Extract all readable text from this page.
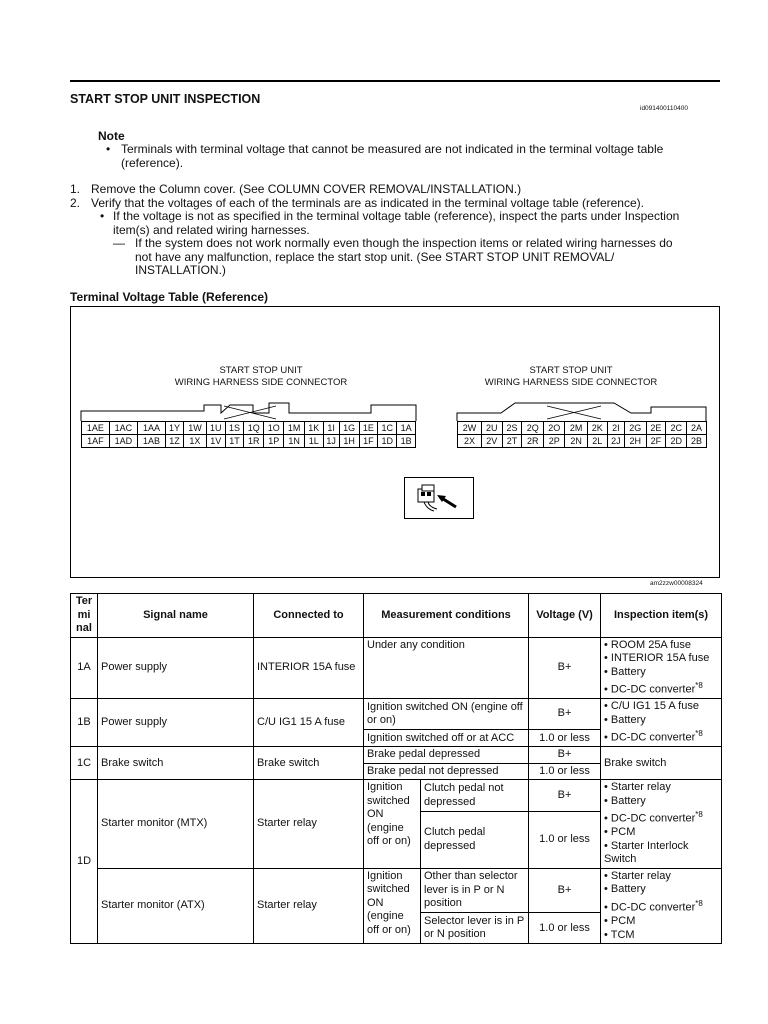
START STOP UNIT INSPECTION
id091400110400
Note
• Terminals with terminal voltage that cannot be measured are not indicated in the terminal voltage table
(reference).
1. Remove the Column cover. (See COLUMN COVER REMOVAL/INSTALLATION.)
2. Verify that the voltages of each of the terminals are as indicated in the terminal voltage table (reference).
• If the voltage is not as specified in the terminal voltage table (reference), inspect the parts under Inspection
item(s) and related wiring harnesses.
— If the system does not work normally even though the inspection items or related wiring harnesses do
not have any malfunction, replace the start stop unit. (See START STOP UNIT REMOVAL/
INSTALLATION.)
Terminal Voltage Table (Reference)
START STOP UNIT
WIRING HARNESS SIDE CONNECTOR
START STOP UNIT
WIRING HARNESS SIDE CONNECTOR
1AE	1AC	1AA	1Y	1W	1U	1S	1Q	1O	1M	1K	1I	1G	1E	1C	1A
1AF	1AD	1AB	1Z	1X	1V	1T	1R	1P	1N	1L	1J	1H	1F	1D	1B
2W	2U	2S	2Q	2O	2M	2K	2I	2G	2E	2C	2A
2X	2V	2T	2R	2P	2N	2L	2J	2H	2F	2D	2B
am2zzw00008324
Ter mi nal	Signal name	Connected to	Measurement conditions		Voltage (V)	Inspection item(s)
1A	Power supply	INTERIOR 15A fuse	Under any condition		B+	• ROOM 25A fuse
• INTERIOR 15A fuse
• Battery
• DC-DC converter$^{*8}$

1B	Power supply	C/U IG1 15 A fuse	Ignition switched ON (engine off or on)		B+	• C/U IG1 15 A fuse
• Battery
• DC-DC converter$^{*8}$

			Ignition switched off or at ACC		1.0 or less	
1C	Brake switch	Brake switch	Brake pedal depressed		B+	Brake switch
			Brake pedal not depressed		1.0 or less	
1D	Starter monitor (MTX)	Starter relay	Ignition switched ON (engine off or on)	Clutch pedal not depressed	B+	• Starter relay
• Battery
• DC-DC converter$^{*8}$
• PCM
• Starter Interlock Switch

				Clutch pedal depressed	1.0 or less	
	Starter monitor (ATX)	Starter relay	Ignition switched ON (engine off or on)	Other than selector lever is in P or N position	B+	• Starter relay
• Battery
• DC-DC converter$^{*8}$
• PCM
• TCM

				Selector lever is in P or N position	1.0 or less	
